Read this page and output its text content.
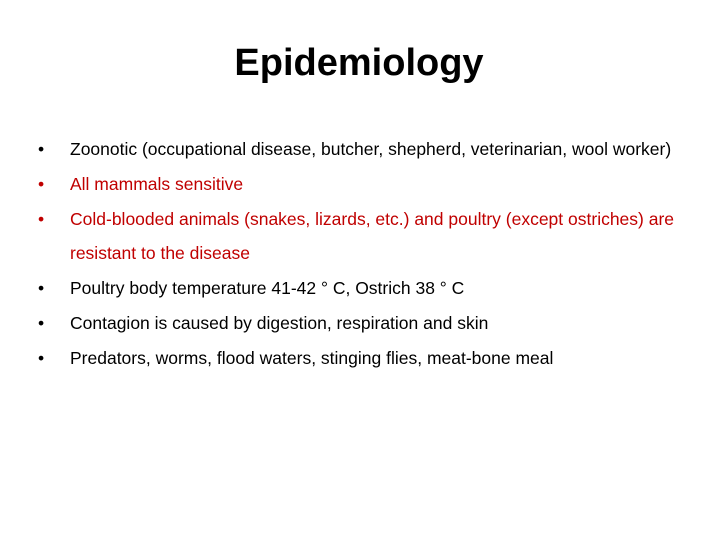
Epidemiology
•	Zoonotic (occupational disease, butcher, shepherd, veterinarian, wool worker)
•	All mammals sensitive
•	Cold-blooded animals (snakes, lizards, etc.) and poultry (except ostriches) are resistant to the disease
•	Poultry body temperature 41-42 ° C, Ostrich 38 ° C
•	Contagion is caused by digestion, respiration and skin
•	Predators, worms, flood waters, stinging flies, meat-bone meal
